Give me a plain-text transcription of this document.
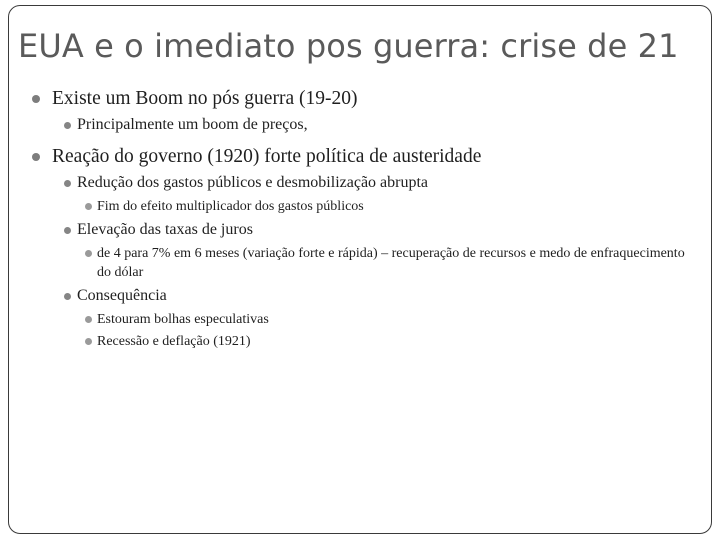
EUA e o imediato pos guerra: crise de 21
Existe um Boom no pós guerra (19-20)
Principalmente um boom de preços,
Reação do governo (1920) forte política de austeridade
Redução dos gastos públicos e desmobilização abrupta
Fim do efeito multiplicador dos gastos públicos
Elevação das taxas de juros
de 4 para 7% em 6 meses (variação forte e rápida) – recuperação de recursos e medo de enfraquecimento do dólar
Consequência
Estouram bolhas especulativas
Recessão e deflação (1921)
